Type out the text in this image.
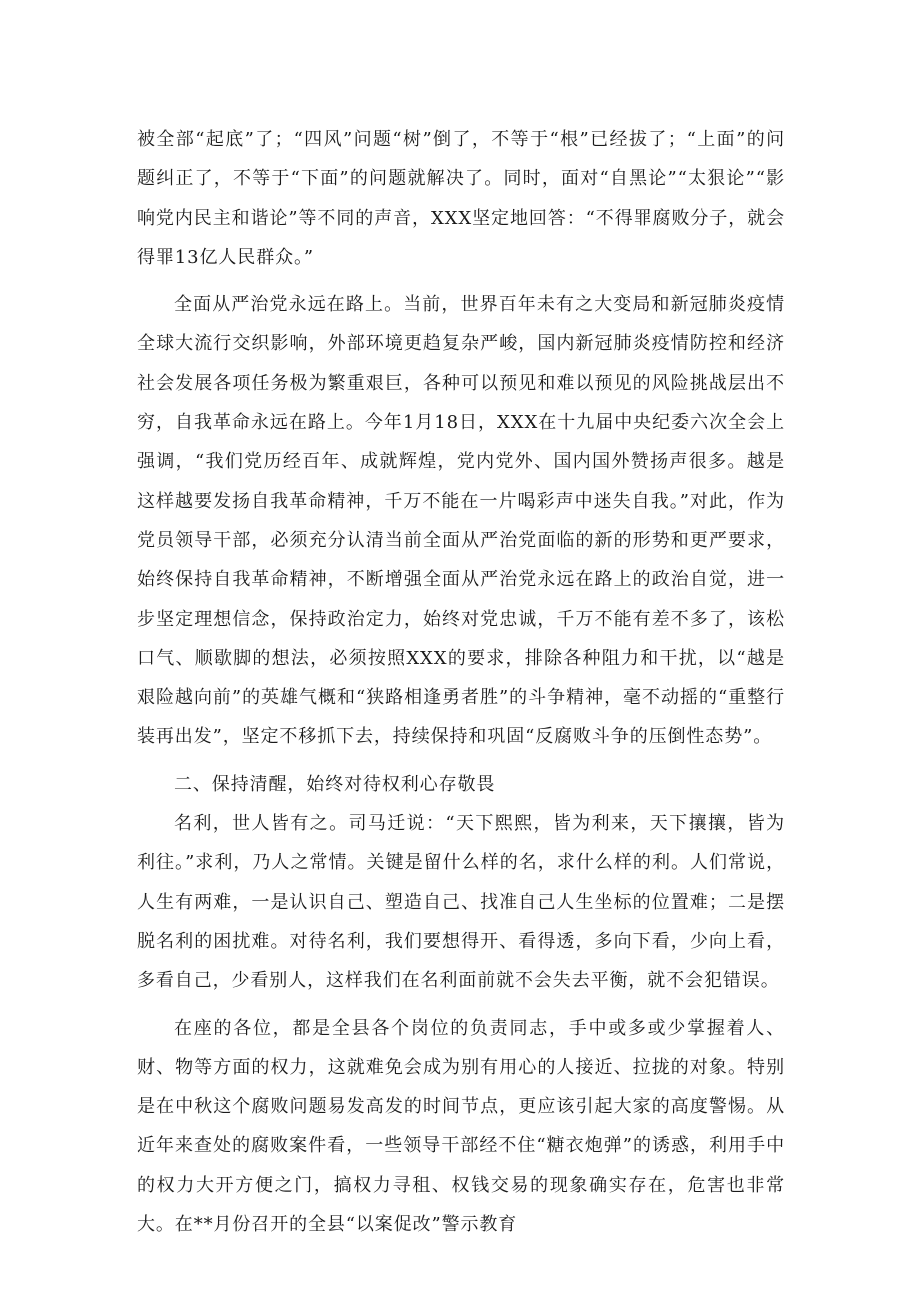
被全部“起底”了；“四风”问题“树”倒了，不等于“根”已经拔了；“上面”的问题纠正了，不等于“下面”的问题就解决了。同时，面对“自黑论”“太狠论”“影响党内民主和谐论”等不同的声音，XXX坚定地回答：“不得罪腐败分子，就会得罪13亿人民群众。”

全面从严治党永远在路上。当前，世界百年未有之大变局和新冠肺炎疫情全球大流行交织影响，外部环境更趋复杂严峻，国内新冠肺炎疫情防控和经济社会发展各项任务极为繁重艰巨，各种可以预见和难以预见的风险挑战层出不穷，自我革命永远在路上。今年1月18日，XXX在十九届中央纪委六次全会上强调，“我们党历经百年、成就辉煌，党内党外、国内国外赞扬声很多。越是这样越要发扬自我革命精神，千万不能在一片喝彩声中迷失自我。”对此，作为党员领导干部，必须充分认清当前全面从严治党面临的新的形势和更严要求，始终保持自我革命精神，不断增强全面从严治党永远在路上的政治自觉，进一步坚定理想信念，保持政治定力，始终对党忠诚，千万不能有差不多了，该松口气、顺歇脚的想法，必须按照XXX的要求，排除各种阻力和干扰，以“越是艰险越向前”的英雄气概和“狭路相逢勇者胜”的斗争精神，毫不动摇的“重整行装再出发”，坚定不移抓下去，持续保持和巩固“反腐败斗争的压倒性态势”。

二、保持清醒，始终对待权利心存敬畏

名利，世人皆有之。司马迁说：“天下熙熙，皆为利来，天下攘攘，皆为利往。”求利，乃人之常情。关键是留什么样的名，求什么样的利。人们常说，人生有两难，一是认识自己、塑造自己、找准自己人生坐标的位置难；二是摆脱名利的困扰难。对待名利，我们要想得开、看得透，多向下看，少向上看，多看自己，少看别人，这样我们在名利面前就不会失去平衡，就不会犯错误。

在座的各位，都是全县各个岗位的负责同志，手中或多或少掌握着人、财、物等方面的权力，这就难免会成为别有用心的人接近、拉拢的对象。特别是在中秋这个腐败问题易发高发的时间节点，更应该引起大家的高度警惕。从近年来查处的腐败案件看，一些领导干部经不住“糖衣炮弹”的诱惑，利用手中的权力大开方便之门，搞权力寻租、权钱交易的现象确实存在，危害也非常大。在**月份召开的全县“以案促改”警示教育
